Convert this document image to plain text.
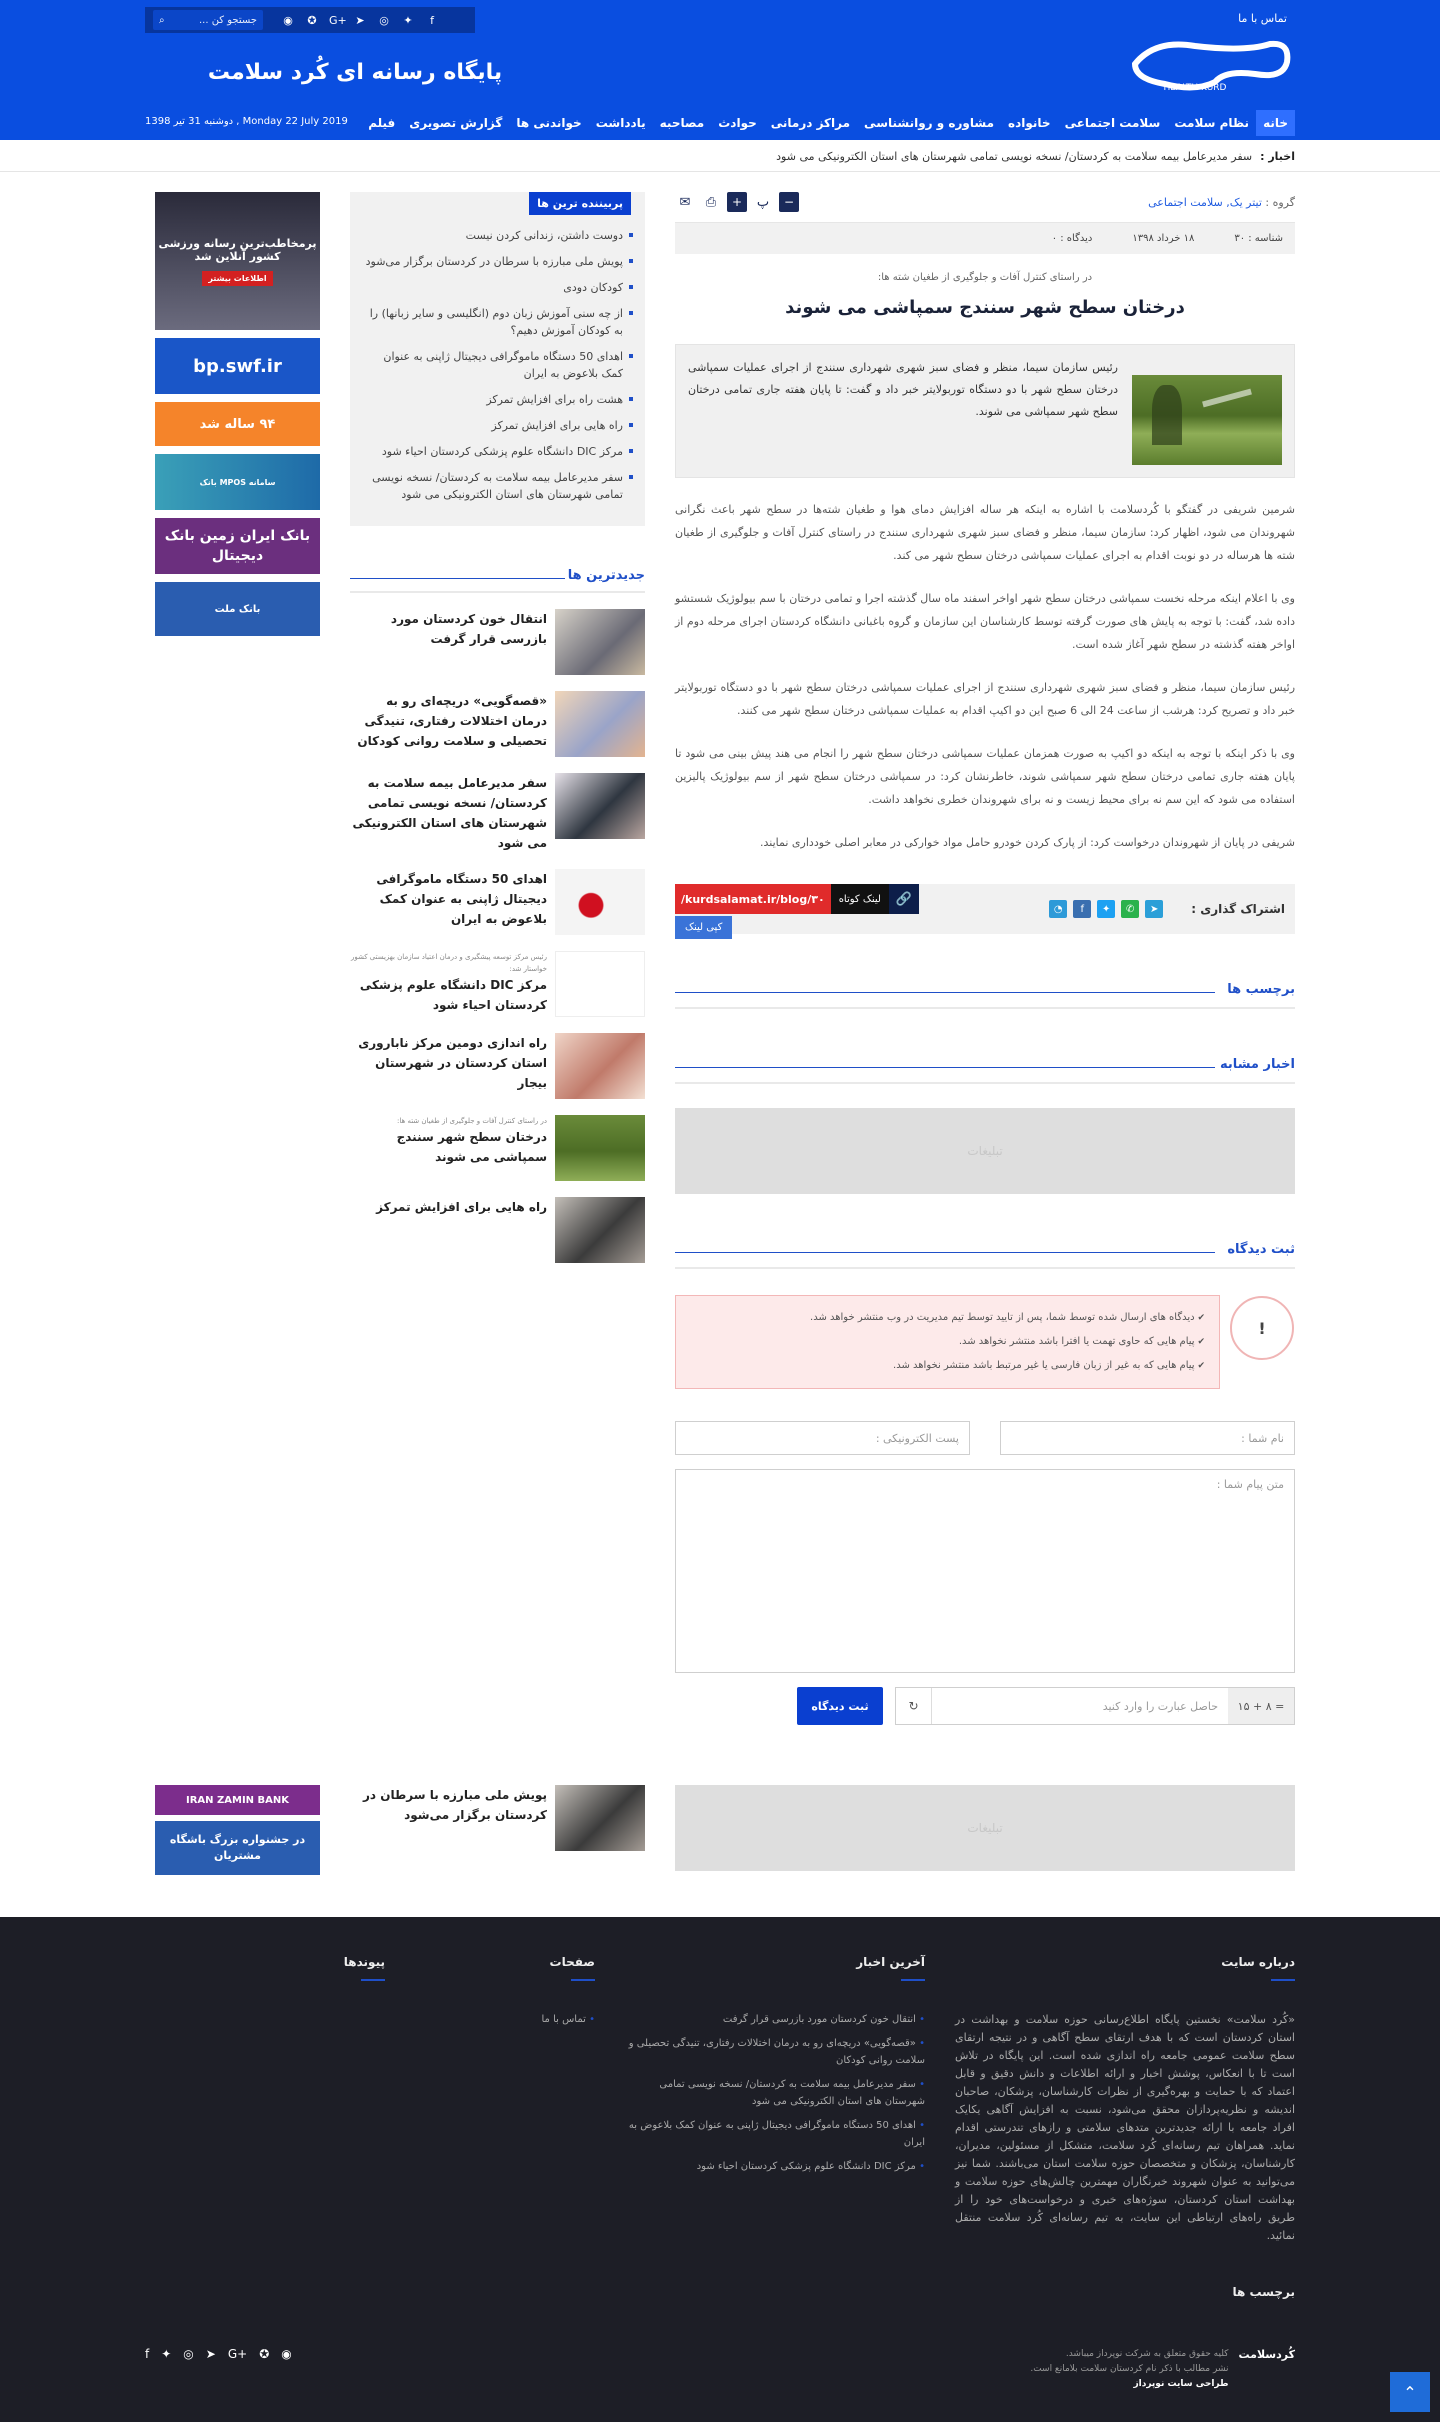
تماس با ما
⌕	جستجو کن ... ◉ ✪ G+ ➤ ◎ ✦	f
HEALTH KURD
پایگاه رسانه ای کُرد سلامت
دوشنبه 31 تیر 1398 , Monday 22 July 2019	خانه
نظام سلامت
سلامت اجتماعی
خانواده
مشاوره و روانشناسی
مراکز درمانی
حوادث
مصاحبه
یادداشت
خواندنی ها
گزارش تصویری
فیلم
اخبار :
سفر مدیرعامل بیمه سلامت به کردستان/ نسخه نویسی تمامی شهرستان های استان الکترونیکی می شود
گروه : تیتر یک, سلامت اجتماعی
✉	⎙	+	پ	−
شناسه : ۳۰
۱۸ خرداد ۱۳۹۸
دیدگاه : ۰
در راستای کنترل آفات و جلوگیری از طغیان شته ها:
درختان سطح شهر سنندج سمپاشی می شوند
رئیس سازمان سیما، منظر و فضای سبز شهری شهرداری سنندج از اجرای عملیات سمپاشی درختان سطح شهر با دو دستگاه توربولایتر خبر داد و گفت: تا پایان هفته جاری تمامی درختان سطح شهر سمپاشی می شوند.

شرمین شریفی در گفتگو با کُردسلامت با اشاره به اینکه هر ساله افزایش دمای هوا و طغیان شته‌ها در سطح شهر باعث نگرانی شهروندان می شود، اظهار کرد: سازمان سیما، منظر و فضای سبز شهری شهرداری سنندج در راستای کنترل آفات و جلوگیری از طغیان شته ها هرساله در دو نوبت اقدام به اجرای عملیات سمپاشی درختان سطح شهر می کند.

وی با اعلام اینکه مرحله نخست سمپاشی درختان سطح شهر اواخر اسفند ماه سال گذشته اجرا و تمامی درختان با سم بیولوژیک شستشو داده شد، گفت: با توجه به پایش های صورت گرفته توسط کارشناسان این سازمان و گروه باغبانی دانشگاه کردستان اجرای مرحله دوم از اواخر هفته گذشته در سطح شهر آغاز شده است.

رئیس سازمان سیما، منظر و فضای سبز شهری شهرداری سنندج از اجرای عملیات سمپاشی درختان سطح شهر با دو دستگاه توربولایتر خبر داد و تصریح کرد: هرشب از ساعت 24 الی 6 صبح این دو اکیپ اقدام به عملیات سمپاشی درختان سطح شهر می کنند.

وی با ذکر اینکه با توجه به اینکه دو اکیپ به صورت همزمان عملیات سمپاشی درختان سطح شهر را انجام می هند پیش بینی می شود تا پایان هفته جاری تمامی درختان سطح شهر سمپاشی شوند، خاطرنشان کرد: در سمپاشی درختان سطح شهر از سم بیولوژیک پالیزین استفاده می شود که این سم نه برای محیط زیست و نه برای شهروندان خطری نخواهد داشت.

شریفی در پایان از شهروندان درخواست کرد: از پارک کردن خودرو حامل مواد خوارکی در معابر اصلی خودداری نمایند.

اشتراک گذاری :
➤
✆
✦
f
◔
/kurdsalamat.ir/blog/۳۰	لینک کوتاه	🔗
کپی لینک
برچسب ها
اخبار مشابه
تبلیغات
ثبت دیدگاه
!
✔ دیدگاه های ارسال شده توسط شما، پس از تایید توسط تیم مدیریت در وب منتشر خواهد شد.
✔ پیام هایی که حاوی تهمت یا افترا باشد منتشر نخواهد شد.
✔ پیام هایی که به غیر از زبان فارسی یا غیر مرتبط باشد منتشر نخواهد شد.
نام شما :
پست الکترونیکی :
متن پیام شما :
۱۵ + ۸ =
حاصل عبارت را وارد کنید
↻
ثبت دیدگاه
پربیننده ترین ها
دوست داشتن، زندانی کردن نیست
پویش ملی مبارزه با سرطان در کردستان برگزار می‌شود
کودکان دودی
از چه سنی آموزش زبان دوم (انگلیسی و سایر زبانها) را به کودکان آموزش دهیم؟
اهدای 50 دستگاه ماموگرافی دیجیتال ژاپنی به عنوان کمک بلاعوض به ایران
هشت راه برای افزایش تمرکز
راه هایی برای افزایش تمرکز
مرکز DIC دانشگاه علوم پزشکی کردستان احیاء شود
سفر مدیرعامل بیمه سلامت به کردستان/ نسخه نویسی تمامی شهرستان های استان الکترونیکی می شود
جدیدترین ها
انتقال خون کردستان مورد بازرسی قرار گرفت
«قصه‌گویی» دریچه‌ای رو به درمان اختلالات رفتاری، تنیدگی تحصیلی و سلامت روانی کودکان
سفر مدیرعامل بیمه سلامت به کردستان/ نسخه نویسی تمامی شهرستان های استان الکترونیکی می شود
اهدای 50 دستگاه ماموگرافی دیجیتال ژاپنی به عنوان کمک بلاعوض به ایران
رئیس مرکز توسعه پیشگیری و درمان اعتیاد سازمان بهزیستی کشور خواستار شد:
مرکز DIC دانشگاه علوم پزشکی کردستان احیاء شود
راه اندازی دومین مرکز ناباروری استان کردستان در شهرستان بیجار
در راستای کنترل آفات و جلوگیری از طغیان شته ها:
درختان سطح شهر سنندج سمپاشی می شوند
راه هایی برای افزایش تمرکز
پرمخاطب‌ترین رسانه ورزشی کشور آنلاین شد
اطلاعات بیشتر
bp.swf.ir
۹۴ ساله شد
سامانه MPOS بانک
بانک ایران زمین بانک دیجیتال
بانک ملت
تبلیغات
پویش ملی مبارزه با سرطان در کردستان برگزار می‌شود
IRAN ZAMIN BANK
در جشنواره بزرگ باشگاه مشتریان
درباره سایت

«کُرد سلامت» نخستین پایگاه اطلاع‌رسانی حوزه سلامت و بهداشت در استان کردستان است که با هدف ارتقای سطح آگاهی و در نتیجه ارتقای سطح سلامت عمومی جامعه راه اندازی شده است. این پایگاه در تلاش است تا با انعکاس، پوشش اخبار و ارائه اطلاعات و دانش دقیق و قابل اعتماد که با حمایت و بهره‌گیری از نظرات کارشناسان، پزشکان، صاحبان اندیشه و نظریه‌پردازان محقق می‌شود، نسبت به افزایش آگاهی یکایک افراد جامعه با ارائه جدیدترین متدهای سلامتی و رازهای تندرستی اقدام نماید. همراهان تیم رسانه‌ای کُرد سلامت، متشکل از مسئولین، مدیران، کارشناسان، پزشکان و متخصصان حوزه سلامت استان می‌باشند. شما نیز می‌توانید به عنوان شهروند خبرنگاران مهمترین چالش‌های حوزه سلامت و بهداشت استان کردستان، سوژه‌های خبری و درخواست‌های خود را از طریق راه‌های ارتباطی این سایت، به تیم رسانه‌ای کُرد سلامت منتقل نمائید.

برچسب ها
آخرین اخبار
• انتقال خون کردستان مورد بازرسی قرار گرفت
• «قصه‌گویی» دریچه‌ای رو به درمان اختلالات رفتاری، تنیدگی تحصیلی و سلامت روانی کودکان
• سفر مدیرعامل بیمه سلامت به کردستان/ نسخه نویسی تمامی شهرستان های استان الکترونیکی می شود
• اهدای 50 دستگاه ماموگرافی دیجیتال ژاپنی به عنوان کمک بلاعوض به ایران
• مرکز DIC دانشگاه علوم پزشکی کردستان احیاء شود
صفحات
• تماس با ما
پیوندها
کُردسلامت
کلیه حقوق متعلق به شرکت نوپرداز میباشد.
نشر مطالب با ذکر نام کردستان سلامت بلامانع است.
طراحی سایت نوپرداز
f ✦ ◎ ➤ G+ ✪ ◉
⌃
